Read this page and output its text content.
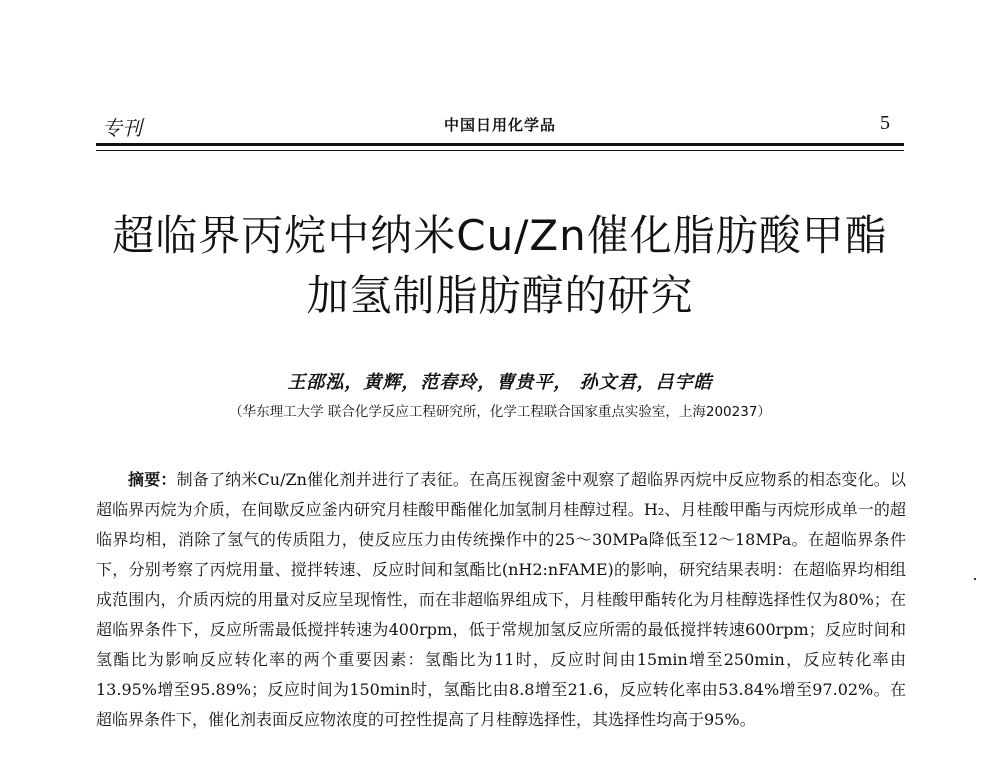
专刊	中国日用化学品	5
超临界丙烷中纳米Cu/Zn催化脂肪酸甲酯加氢制脂肪醇的研究
王邵泓，黄辉，范春玲，曹贵平， 孙文君，吕宇皓
（华东理工大学 联合化学反应工程研究所，化学工程联合国家重点实验室，上海200237）

摘要：制备了纳米Cu/Zn催化剂并进行了表征。在高压视窗釜中观察了超临界丙烷中反应物系的相态变化。以超临界丙烷为介质，在间歇反应釜内研究月桂酸甲酯催化加氢制月桂醇过程。H₂、月桂酸甲酯与丙烷形成单一的超临界均相，消除了氢气的传质阻力，使反应压力由传统操作中的25～30MPa降低至12～18MPa。在超临界条件下，分别考察了丙烷用量、搅拌转速、反应时间和氢酯比(nH2:nFAME)的影响，研究结果表明：在超临界均相组成范围内，介质丙烷的用量对反应呈现惰性，而在非超临界组成下，月桂酸甲酯转化为月桂醇选择性仅为80%；在超临界条件下，反应所需最低搅拌转速为400rpm，低于常规加氢反应所需的最低搅拌转速600rpm；反应时间和氢酯比为影响反应转化率的两个重要因素：氢酯比为11时，反应时间由15min增至250min，反应转化率由13.95%增至95.89%；反应时间为150min时，氢酯比由8.8增至21.6，反应转化率由53.84%增至97.02%。在超临界条件下，催化剂表面反应物浓度的可控性提高了月桂醇选择性，其选择性均高于95%。
